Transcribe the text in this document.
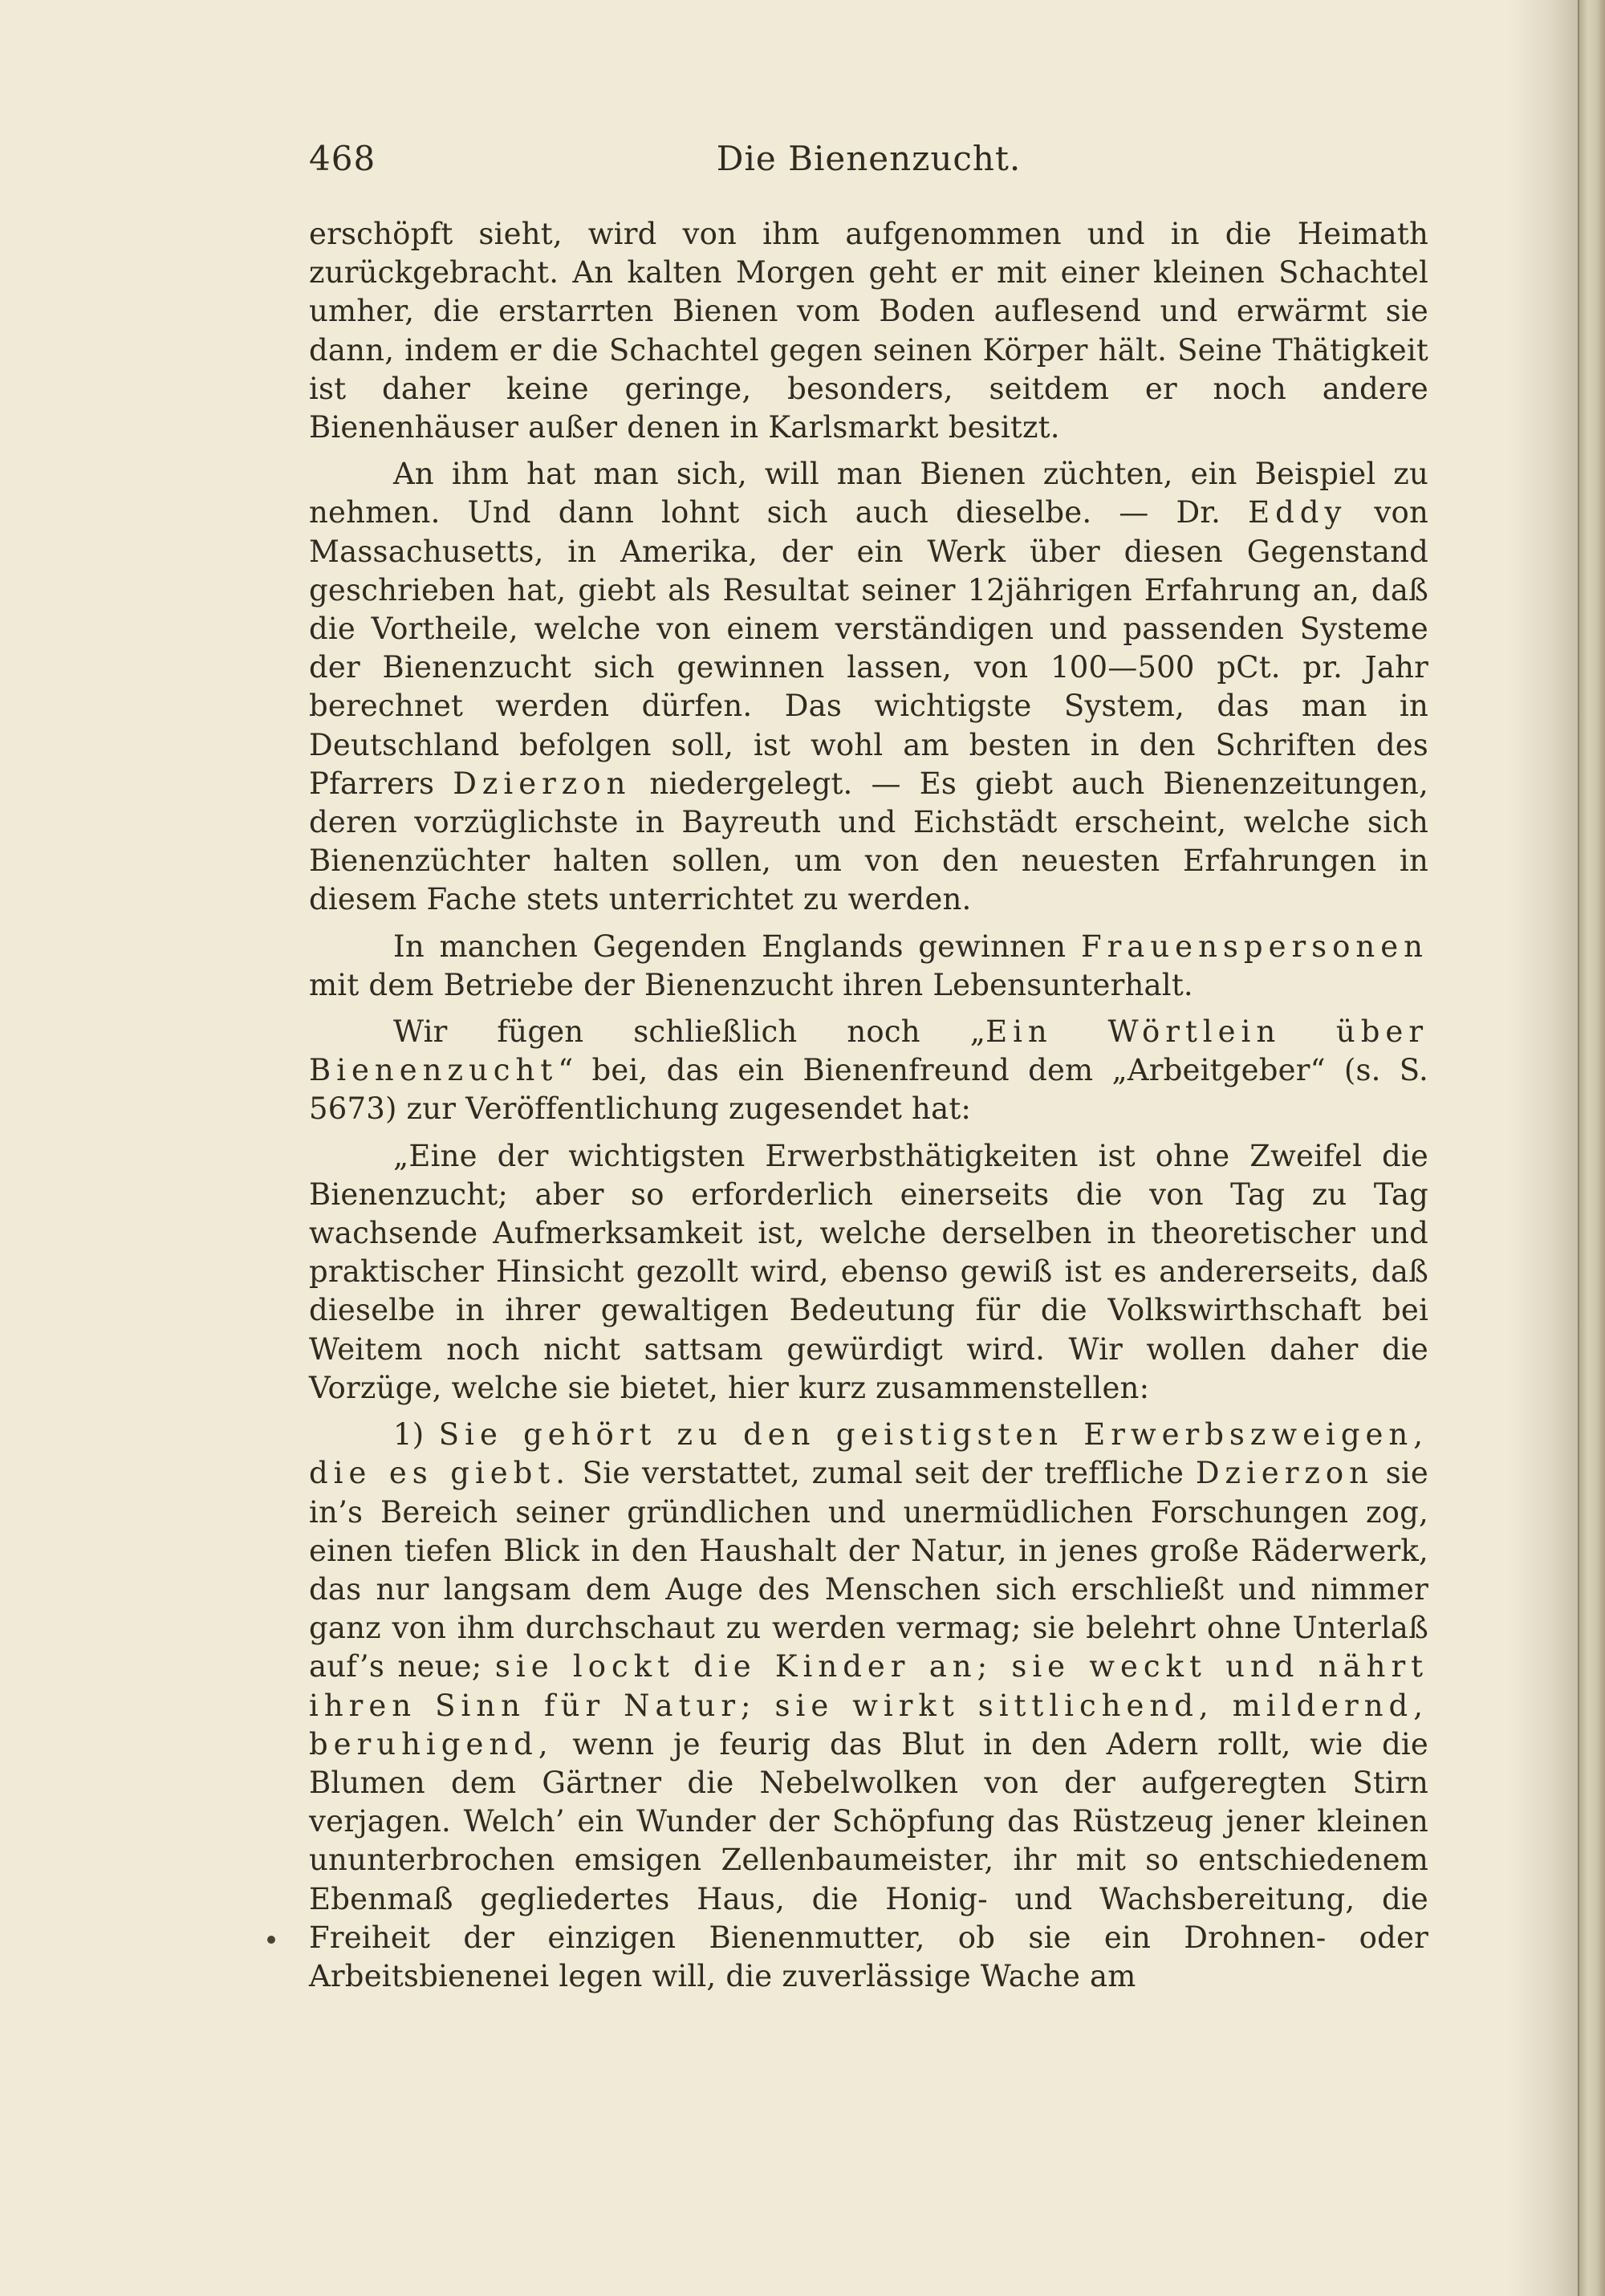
468	Die Bienenzucht.

erschöpft sieht, wird von ihm aufgenommen und in die Heimath zurückgebracht. An kalten Morgen geht er mit einer kleinen Schachtel umher, die erstarrten Bienen vom Boden auflesend und erwärmt sie dann, indem er die Schachtel gegen seinen Körper hält. Seine Thätigkeit ist daher keine geringe, besonders, seitdem er noch andere Bienenhäuser außer denen in Karlsmarkt besitzt.

An ihm hat man sich, will man Bienen züchten, ein Beispiel zu nehmen. Und dann lohnt sich auch dieselbe. — Dr. Eddy von Massachusetts, in Amerika, der ein Werk über diesen Gegenstand geschrieben hat, giebt als Resultat seiner 12jährigen Erfahrung an, daß die Vortheile, welche von einem verständigen und passenden Systeme der Bienenzucht sich gewinnen lassen, von 100—500 pCt. pr. Jahr berechnet werden dürfen. Das wichtigste System, das man in Deutschland befolgen soll, ist wohl am besten in den Schriften des Pfarrers Dzierzon niedergelegt. — Es giebt auch Bienenzeitungen, deren vorzüglichste in Bayreuth und Eichstädt erscheint, welche sich Bienenzüchter halten sollen, um von den neuesten Erfahrungen in diesem Fache stets unterrichtet zu werden.

In manchen Gegenden Englands gewinnen Frauenspersonen mit dem Betriebe der Bienenzucht ihren Lebensunterhalt.

Wir fügen schließlich noch „Ein Wörtlein über Bienenzucht“ bei, das ein Bienenfreund dem „Arbeitgeber“ (s. S. 5673) zur Veröffentlichung zugesendet hat:

„Eine der wichtigsten Erwerbsthätigkeiten ist ohne Zweifel die Bienenzucht; aber so erforderlich einerseits die von Tag zu Tag wachsende Aufmerksamkeit ist, welche derselben in theoretischer und praktischer Hinsicht gezollt wird, ebenso gewiß ist es andererseits, daß dieselbe in ihrer gewaltigen Bedeutung für die Volkswirthschaft bei Weitem noch nicht sattsam gewürdigt wird. Wir wollen daher die Vorzüge, welche sie bietet, hier kurz zusammenstellen:

1) Sie gehört zu den geistigsten Erwerbszweigen, die es giebt. Sie verstattet, zumal seit der treffliche Dzierzon sie in’s Bereich seiner gründlichen und unermüdlichen Forschungen zog, einen tiefen Blick in den Haushalt der Natur, in jenes große Räderwerk, das nur langsam dem Auge des Menschen sich erschließt und nimmer ganz von ihm durchschaut zu werden vermag; sie belehrt ohne Unterlaß auf’s neue; sie lockt die Kinder an; sie weckt und nährt ihren Sinn für Natur; sie wirkt sittlichend, mildernd, beruhigend, wenn je feurig das Blut in den Adern rollt, wie die Blumen dem Gärtner die Nebelwolken von der aufgeregten Stirn verjagen. Welch’ ein Wunder der Schöpfung das Rüstzeug jener kleinen ununterbrochen emsigen Zellenbaumeister, ihr mit so entschiedenem Ebenmaß gegliedertes Haus, die Honig- und Wachsbereitung, die Freiheit der einzigen Bienenmutter, ob sie ein Drohnen- oder Arbeitsbienenei legen will, die zuverlässige Wache am
